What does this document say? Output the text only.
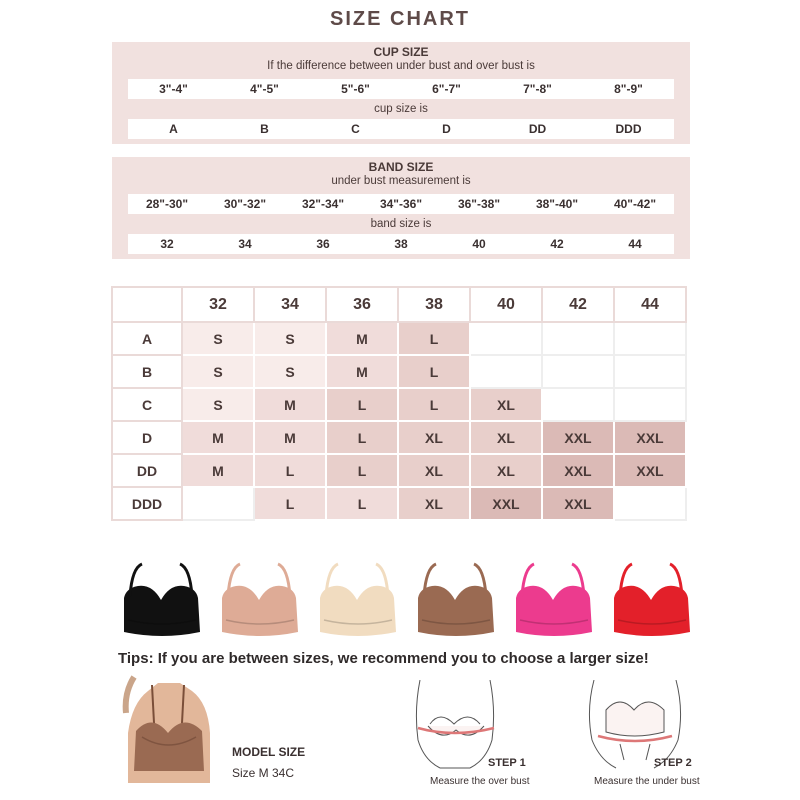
SIZE CHART
CUP SIZE
If the difference between under bust and over bust is
3"-4"	4"-5"	5"-6"	6"-7"	7"-8"	8"-9"
cup size is
A	B	C	D	DD	DDD
BAND SIZE
under bust measurement is
28"-30"	30"-32"	32"-34"	34"-36"	36"-38"	38"-40"	40"-42"
band size is
32	34	36	38	40	42	44
SIZE
CUP	32	34	36	38	40	42	44
A	S	S	M	L			
B	S	S	M	L			
C	S	M	L	L	XL		
D	M	M	L	XL	XL	XXL	XXL
DD	M	L	L	XL	XL	XXL	XXL
DDD		L	L	XL	XXL	XXL	
Tips: If you are between sizes, we recommend you to choose a larger size!
MODEL SIZE
Size M 34C
STEP 1
Measure the over bust
STEP 2
Measure the under bust
